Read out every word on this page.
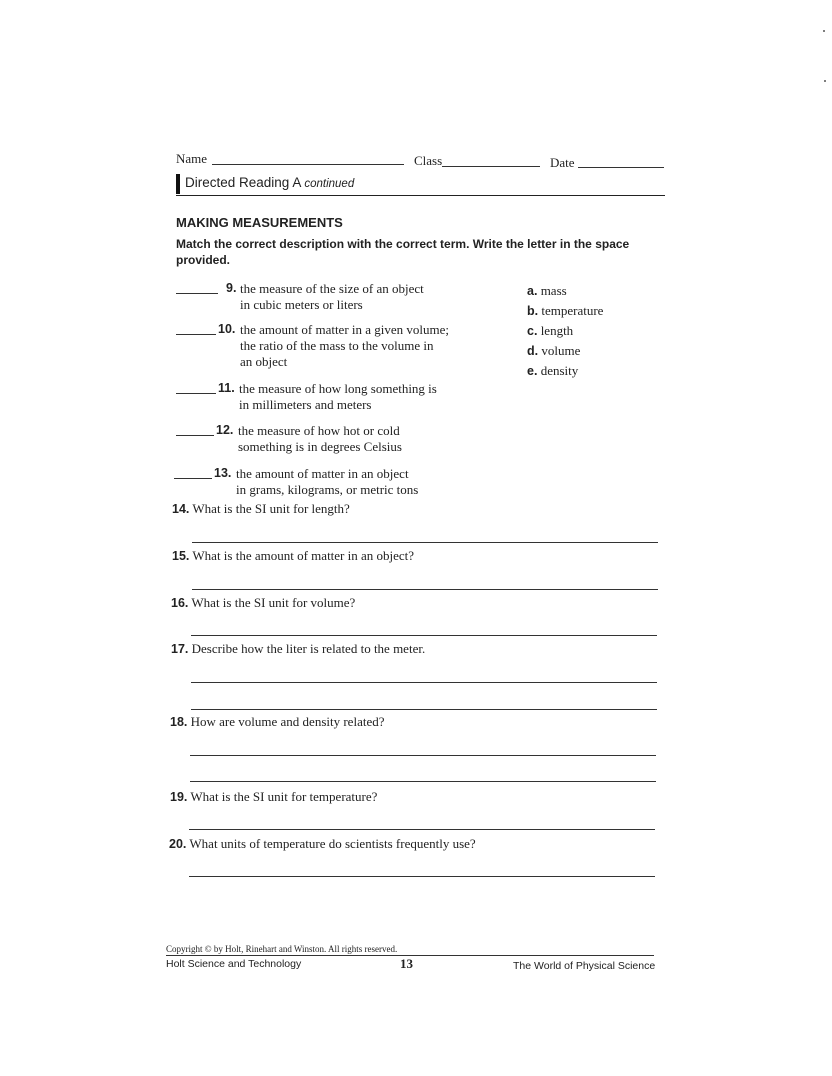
Name	Class	Date
Directed Reading A continued
MAKING MEASUREMENTS
Match the correct description with the correct term. Write the letter in the space provided.
9. the measure of the size of an object
in cubic meters or liters
10. the amount of matter in a given volume;
the ratio of the mass to the volume in
an object
11. the measure of how long something is
in millimeters and meters
12. the measure of how hot or cold
something is in degrees Celsius
13. the amount of matter in an object
in grams, kilograms, or metric tons
a. mass
b. temperature
c. length
d. volume
e. density
14. What is the SI unit for length?
15. What is the amount of matter in an object?
16. What is the SI unit for volume?
17. Describe how the liter is related to the meter.
18. How are volume and density related?
19. What is the SI unit for temperature?
20. What units of temperature do scientists frequently use?
Copyright © by Holt, Rinehart and Winston. All rights reserved.
Holt Science and Technology	13	The World of Physical Science
